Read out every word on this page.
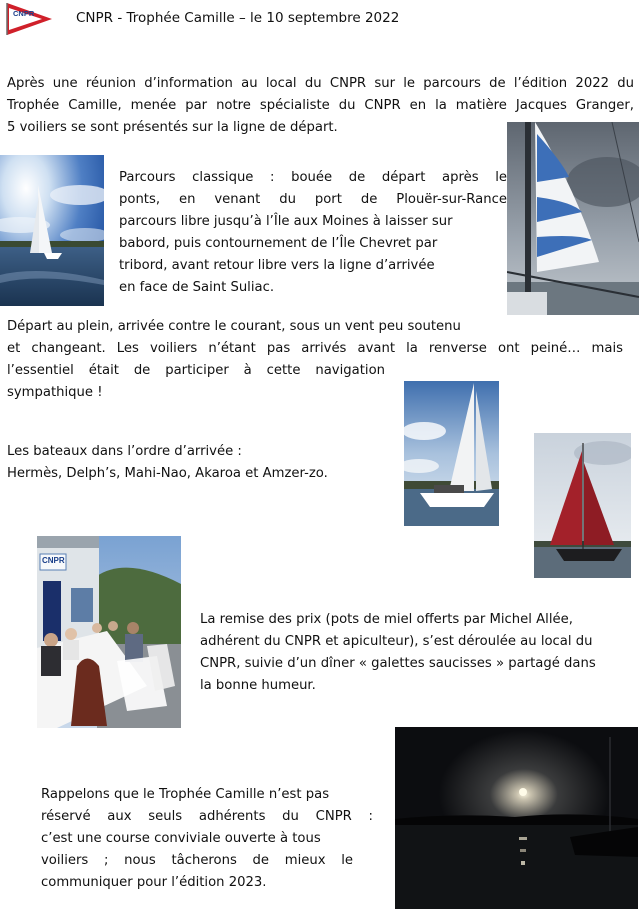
CNPR	CNPR - Trophée Camille – le 10 septembre 2022
Après une réunion d’information au local du CNPR sur le parcours de l’édition 2022 du
Trophée Camille, menée par notre spécialiste du CNPR en la matière Jacques Granger,
5 voiliers se sont présentés sur la ligne de départ.
Parcours classique : bouée de départ après le
ponts, en venant du port de Plouër-sur-Rance
parcours libre jusqu’à l’Île aux Moines à laisser sur
babord, puis contournement de l’Île Chevret par
tribord, avant retour libre vers la ligne d’arrivée
en face de Saint Suliac.
Départ au plein, arrivée contre le courant, sous un vent peu soutenu
et changeant. Les voiliers n’étant pas arrivés avant la renverse ont peiné… mais
l’essentiel était de participer à cette navigation
sympathique !
Les bateaux dans l’ordre d’arrivée :
Hermès, Delph’s, Mahi-Nao, Akaroa et Amzer-zo.
CNPR
La remise des prix (pots de miel offerts par Michel Allée,
adhérent du CNPR et apiculteur), s’est déroulée au local du
CNPR, suivie d’un dîner « galettes saucisses » partagé dans
la bonne humeur.
Rappelons que le Trophée Camille n’est pas
réservé aux seuls adhérents du CNPR :
c’est une course conviviale ouverte à tous
voiliers ; nous tâcherons de mieux le
communiquer pour l’édition 2023.
